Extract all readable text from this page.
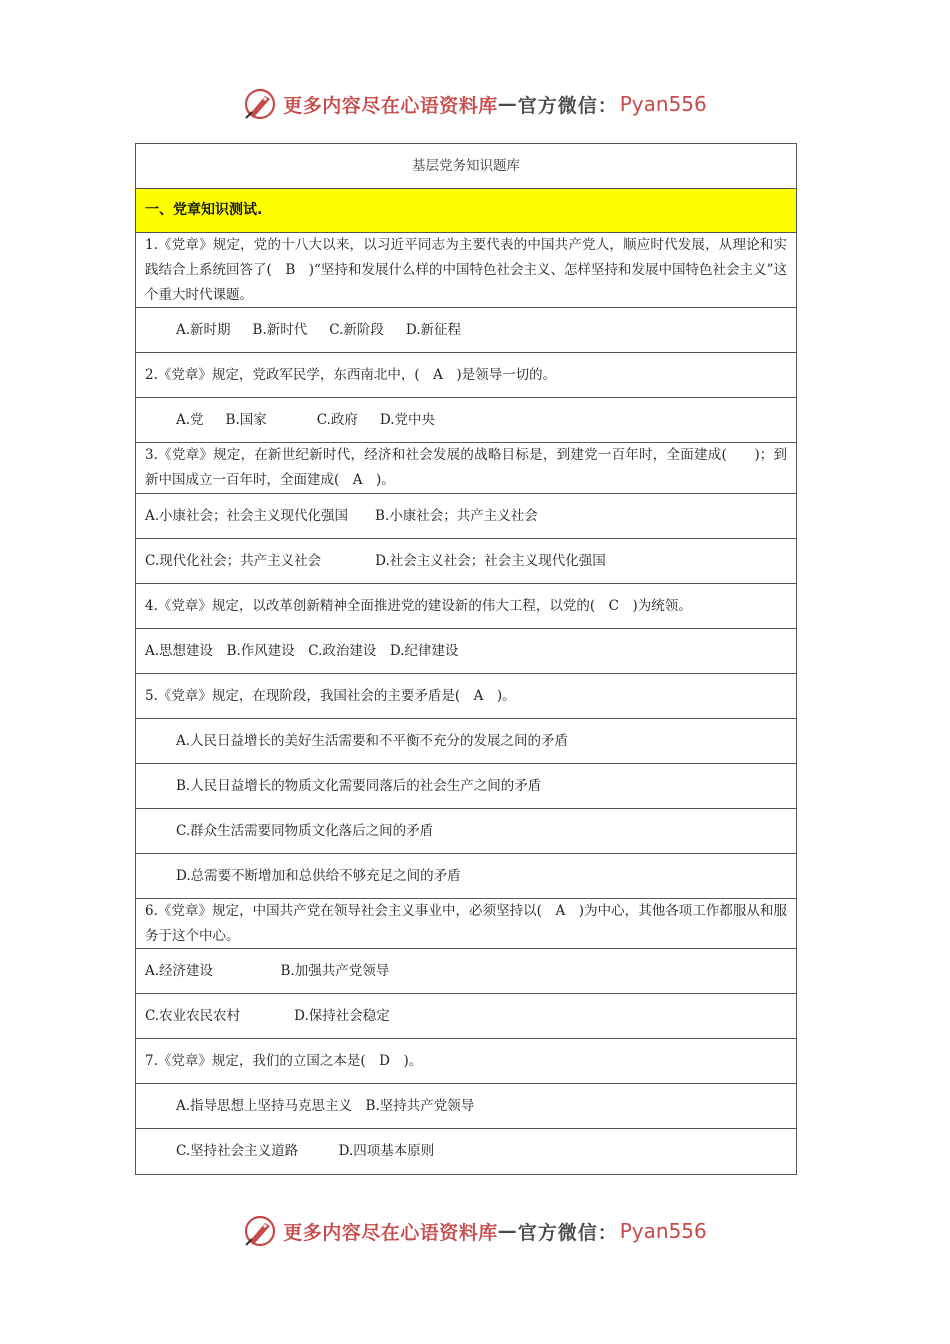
更多内容尽在心语资料库 — 官方微信： Pyan556
基层党务知识题库
一、党章知识测试.
1.《党章》规定，党的十八大以来，以习近平同志为主要代表的中国共产党人，顺应时代发展，从理论和实践结合上系统回答了(　B　)“坚持和发展什么样的中国特色社会主义、怎样坚持和发展中国特色社会主义”这个重大时代课题。
A.新时期 B.新时代 C.新阶段 D.新征程
2.《党章》规定，党政军民学，东西南北中，(　A　)是领导一切的。
A.党 B.国家	C.政府 D.党中央
3.《党章》规定，在新世纪新时代，经济和社会发展的战略目标是，到建党一百年时，全面建成(　　)；到新中国成立一百年时，全面建成(　A　)。
A.小康社会；社会主义现代化强国　　B.小康社会；共产主义社会
C.现代化社会；共产主义社会　　　　D.社会主义社会；社会主义现代化强国
4.《党章》规定，以改革创新精神全面推进党的建设新的伟大工程，以党的(　C　)为统领。
A.思想建设　B.作风建设　C.政治建设　D.纪律建设
5.《党章》规定，在现阶段，我国社会的主要矛盾是(　A　)。
A.人民日益增长的美好生活需要和不平衡不充分的发展之间的矛盾
B.人民日益增长的物质文化需要同落后的社会生产之间的矛盾
C.群众生活需要同物质文化落后之间的矛盾
D.总需要不断增加和总供给不够充足之间的矛盾
6.《党章》规定，中国共产党在领导社会主义事业中，必须坚持以(　A　)为中心，其他各项工作都服从和服务于这个中心。
A.经济建设　　　　　B.加强共产党领导
C.农业农民农村　　　　D.保持社会稳定
7.《党章》规定，我们的立国之本是(　D　)。
A.指导思想上坚持马克思主义　B.坚持共产党领导
C.坚持社会主义道路　　　D.四项基本原则
更多内容尽在心语资料库 — 官方微信： Pyan556
